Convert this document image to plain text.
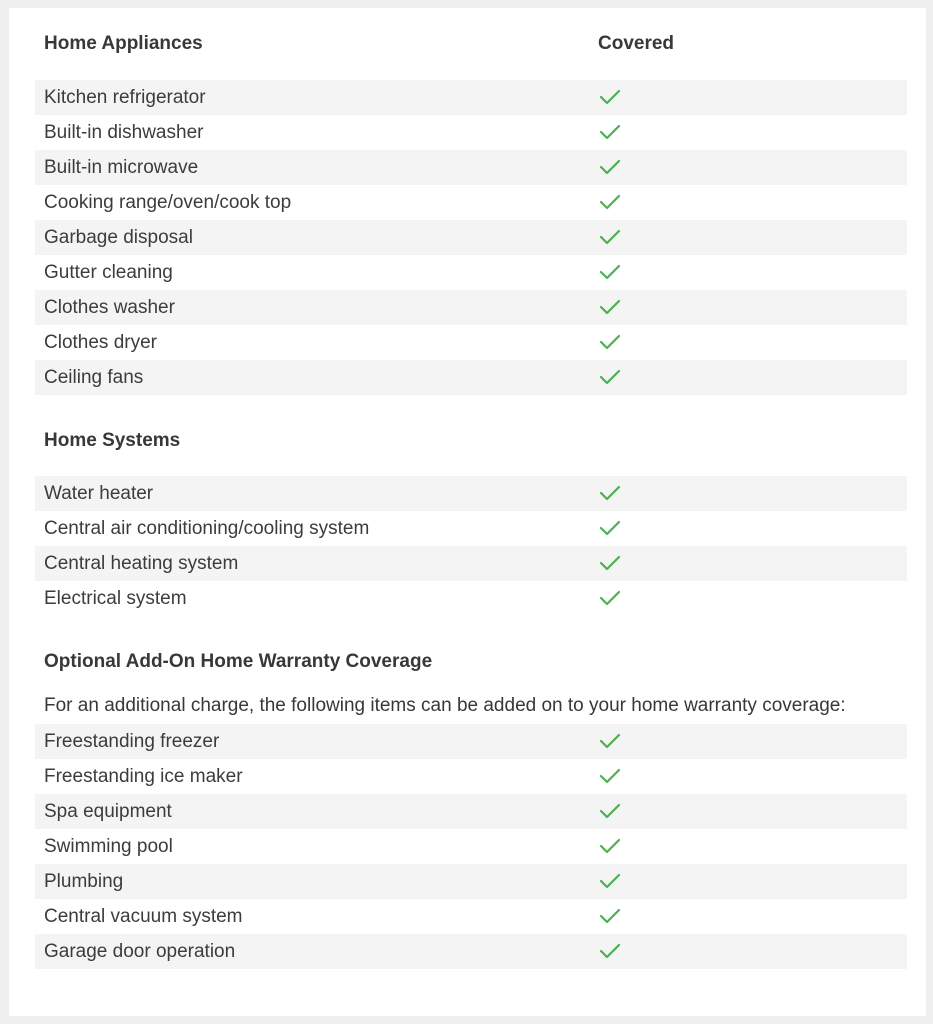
Home Appliances	Covered
Kitchen refrigerator
Built-in dishwasher
Built-in microwave
Cooking range/oven/cook top
Garbage disposal
Gutter cleaning
Clothes washer
Clothes dryer
Ceiling fans
Home Systems
Water heater
Central air conditioning/cooling system
Central heating system
Electrical system
Optional Add-On Home Warranty Coverage
For an additional charge, the following items can be added on to your home warranty coverage:
Freestanding freezer
Freestanding ice maker
Spa equipment
Swimming pool
Plumbing
Central vacuum system
Garage door operation
